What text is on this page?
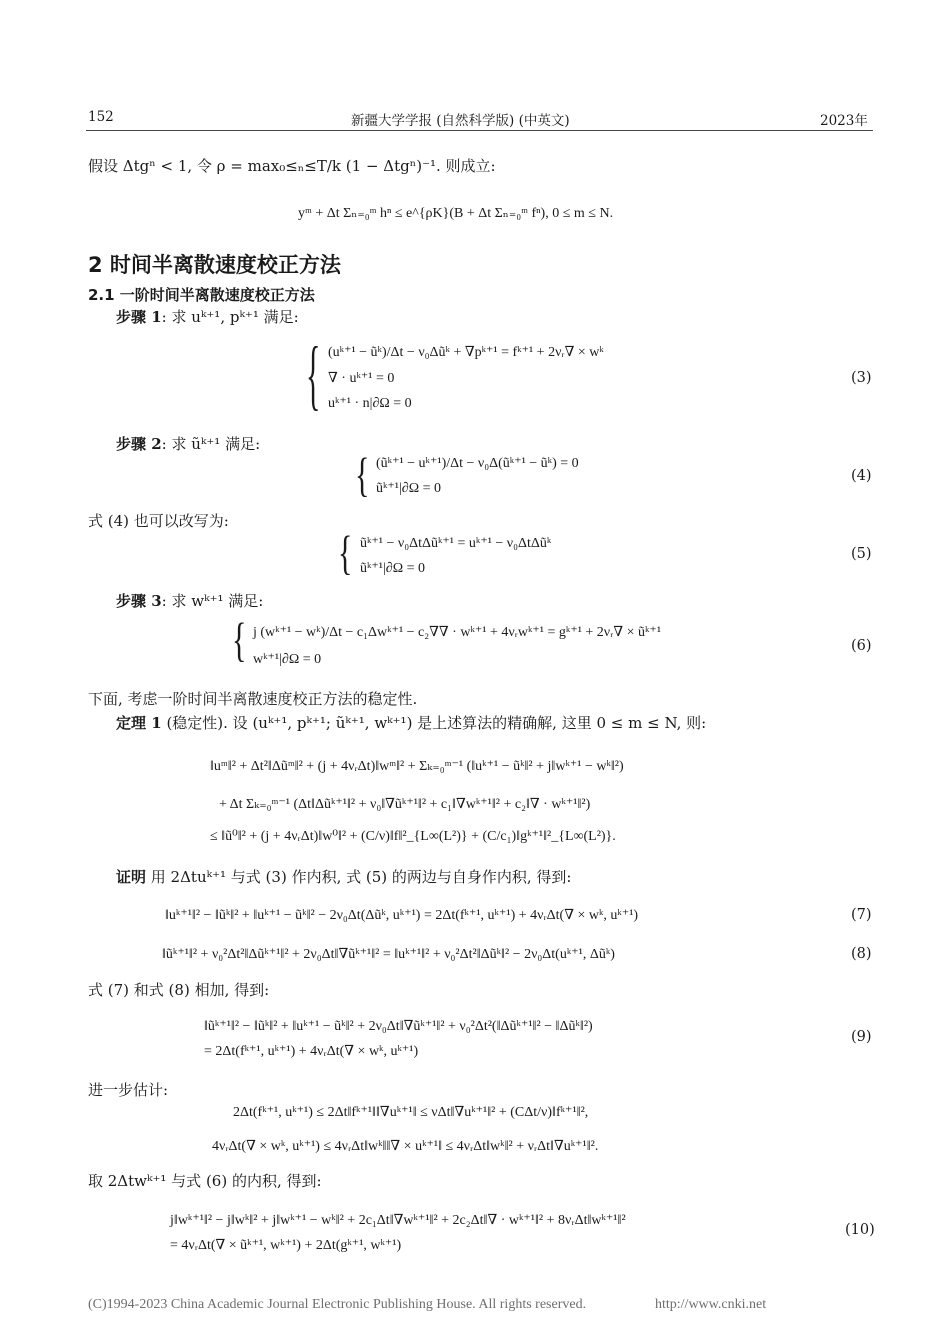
152	新疆大学学报 (自然科学版) (中英文)	2023年
假设 Δtgⁿ < 1, 令 ρ = max₀≤ₙ≤T/k (1 − Δtgⁿ)⁻¹. 则成立:
yᵐ + Δt Σₙ₌₀ᵐ hⁿ ≤ e^{ρK}(B + Δt Σₙ₌₀ᵐ fⁿ), 0 ≤ m ≤ N.
2 时间半离散速度校正方法
2.1 一阶时间半离散速度校正方法
步骤 1: 求 uᵏ⁺¹, pᵏ⁺¹ 满足:
{ (uᵏ⁺¹ − ũᵏ)/Δt − ν₀Δũᵏ + ∇pᵏ⁺¹ = fᵏ⁺¹ + 2νᵣ∇ × wᵏ
∇ · uᵏ⁺¹ = 0
uᵏ⁺¹ · n|∂Ω = 0
(3)
步骤 2: 求 ũᵏ⁺¹ 满足:
{ (ũᵏ⁺¹ − uᵏ⁺¹)/Δt − ν₀Δ(ũᵏ⁺¹ − ũᵏ) = 0
ũᵏ⁺¹|∂Ω = 0
(4)
式 (4) 也可以改写为:
{ ũᵏ⁺¹ − ν₀ΔtΔũᵏ⁺¹ = uᵏ⁺¹ − ν₀ΔtΔũᵏ
ũᵏ⁺¹|∂Ω = 0
(5)
步骤 3: 求 wᵏ⁺¹ 满足:
{ j (wᵏ⁺¹ − wᵏ)/Δt − c₁Δwᵏ⁺¹ − c₂∇∇ · wᵏ⁺¹ + 4νᵣwᵏ⁺¹ = gᵏ⁺¹ + 2νᵣ∇ × ũᵏ⁺¹
wᵏ⁺¹|∂Ω = 0
(6)
下面, 考虑一阶时间半离散速度校正方法的稳定性.
定理 1 (稳定性). 设 (uᵏ⁺¹, pᵏ⁺¹; ũᵏ⁺¹, wᵏ⁺¹) 是上述算法的精确解, 这里 0 ≤ m ≤ N, 则:
‖uᵐ‖² + Δt²‖Δũᵐ‖² + (j + 4νᵣΔt)‖wᵐ‖² + Σₖ₌₀ᵐ⁻¹ (‖uᵏ⁺¹ − ũᵏ‖² + j‖wᵏ⁺¹ − wᵏ‖²)
+ Δt Σₖ₌₀ᵐ⁻¹ (Δt‖Δũᵏ⁺¹‖² + ν₀‖∇ũᵏ⁺¹‖² + c₁‖∇wᵏ⁺¹‖² + c₂‖∇ · wᵏ⁺¹‖²)
≤ ‖ũ⁰‖² + (j + 4νᵣΔt)‖w⁰‖² + (C/ν)‖f‖²_{L∞(L²)} + (C/c₁)‖gᵏ⁺¹‖²_{L∞(L²)}.
证明 用 2Δtuᵏ⁺¹ 与式 (3) 作内积, 式 (5) 的两边与自身作内积, 得到:
‖uᵏ⁺¹‖² − ‖ũᵏ‖² + ‖uᵏ⁺¹ − ũᵏ‖² − 2ν₀Δt(Δũᵏ, uᵏ⁺¹) = 2Δt(fᵏ⁺¹, uᵏ⁺¹) + 4νᵣΔt(∇ × wᵏ, uᵏ⁺¹)	(7)
‖ũᵏ⁺¹‖² + ν₀²Δt²‖Δũᵏ⁺¹‖² + 2ν₀Δt‖∇ũᵏ⁺¹‖² = ‖uᵏ⁺¹‖² + ν₀²Δt²‖Δũᵏ‖² − 2ν₀Δt(uᵏ⁺¹, Δũᵏ)	(8)
式 (7) 和式 (8) 相加, 得到:
‖ũᵏ⁺¹‖² − ‖ũᵏ‖² + ‖uᵏ⁺¹ − ũᵏ‖² + 2ν₀Δt‖∇ũᵏ⁺¹‖² + ν₀²Δt²(‖Δũᵏ⁺¹‖² − ‖Δũᵏ‖²)
= 2Δt(fᵏ⁺¹, uᵏ⁺¹) + 4νᵣΔt(∇ × wᵏ, uᵏ⁺¹)
(9)
进一步估计:
2Δt(fᵏ⁺¹, uᵏ⁺¹) ≤ 2Δt‖fᵏ⁺¹‖‖∇uᵏ⁺¹‖ ≤ νΔt‖∇uᵏ⁺¹‖² + (CΔt/ν)‖fᵏ⁺¹‖²,
4νᵣΔt(∇ × wᵏ, uᵏ⁺¹) ≤ 4νᵣΔt‖wᵏ‖‖∇ × uᵏ⁺¹‖ ≤ 4νᵣΔt‖wᵏ‖² + νᵣΔt‖∇uᵏ⁺¹‖².
取 2Δtwᵏ⁺¹ 与式 (6) 的内积, 得到:
j‖wᵏ⁺¹‖² − j‖wᵏ‖² + j‖wᵏ⁺¹ − wᵏ‖² + 2c₁Δt‖∇wᵏ⁺¹‖² + 2c₂Δt‖∇ · wᵏ⁺¹‖² + 8νᵣΔt‖wᵏ⁺¹‖²
= 4νᵣΔt(∇ × ũᵏ⁺¹, wᵏ⁺¹) + 2Δt(gᵏ⁺¹, wᵏ⁺¹)
(10)
(C)1994-2023 China Academic Journal Electronic Publishing House. All rights reserved.	http://www.cnki.net
